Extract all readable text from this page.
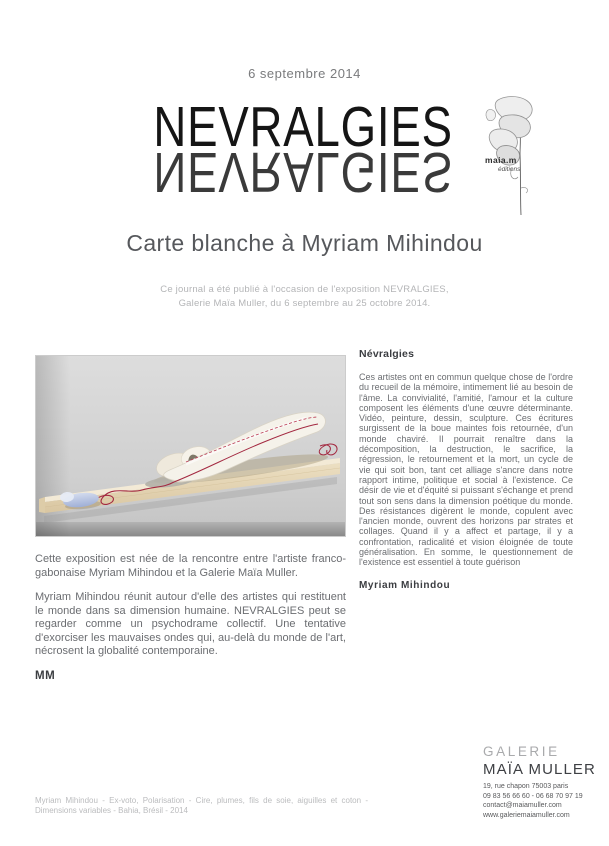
6 septembre 2014
NEVRALGIES
NEVRALGIES	maia.m
éditions
Carte blanche à Myriam Mihindou
Ce journal a été publié à l'occasion de l'exposition NEVRALGIES,
Galerie Maïa Muller, du 6 septembre au 25 octobre 2014.

Cette exposition est née de la rencontre entre l'artiste franco-gabonaise Myriam Mihindou et la Galerie Maïa Muller.

Myriam Mihindou réunit autour d'elle des artistes qui restituent le monde dans sa dimension humaine. NEVRALGIES peut se regarder comme un psychodrame collectif. Une tentative d'exorciser les mauvaises ondes qui, au-delà du monde de l'art, nécrosent la globalité contemporaine.

MM

Névralgies

Ces artistes ont en commun quelque chose de l'ordre du recueil de la mémoire, intimement lié au besoin de l'âme. La convivialité, l'amitié, l'amour et la culture composent les éléments d'une œuvre déterminante. Vidéo, peinture, dessin, sculpture. Ces écritures surgissent de la boue maintes fois retournée, d'un monde chaviré. Il pourrait renaître dans la décomposition, la destruction, le sacrifice, la régression, le retournement et la mort, un cycle de vie qui soit bon, tant cet alliage s'ancre dans notre rapport intime, politique et social à l'existence. Ce désir de vie et d'équité si puissant s'échange et prend tout son sens dans la dimension poétique du monde. Des résistances digèrent le monde, copulent avec l'ancien monde, ouvrent des horizons par strates et collages. Quand il y a affect et partage, il y a confrontation, radicalité et vision éloignée de toute généralisation. En somme, le questionnement de l'existence est essentiel à toute guérison

Myriam Mihindou

Myriam Mihindou - Ex-voto, Polarisation - Cire, plumes, fils de soie, aiguilles et coton - Dimensions variables - Bahia, Brésil - 2014
GALERIE
MAÏA MULLER
19, rue chapon 75003 paris
09 83 56 66 60 - 06 68 70 97 19
contact@maiamuller.com
www.galeriemaiamuller.com
